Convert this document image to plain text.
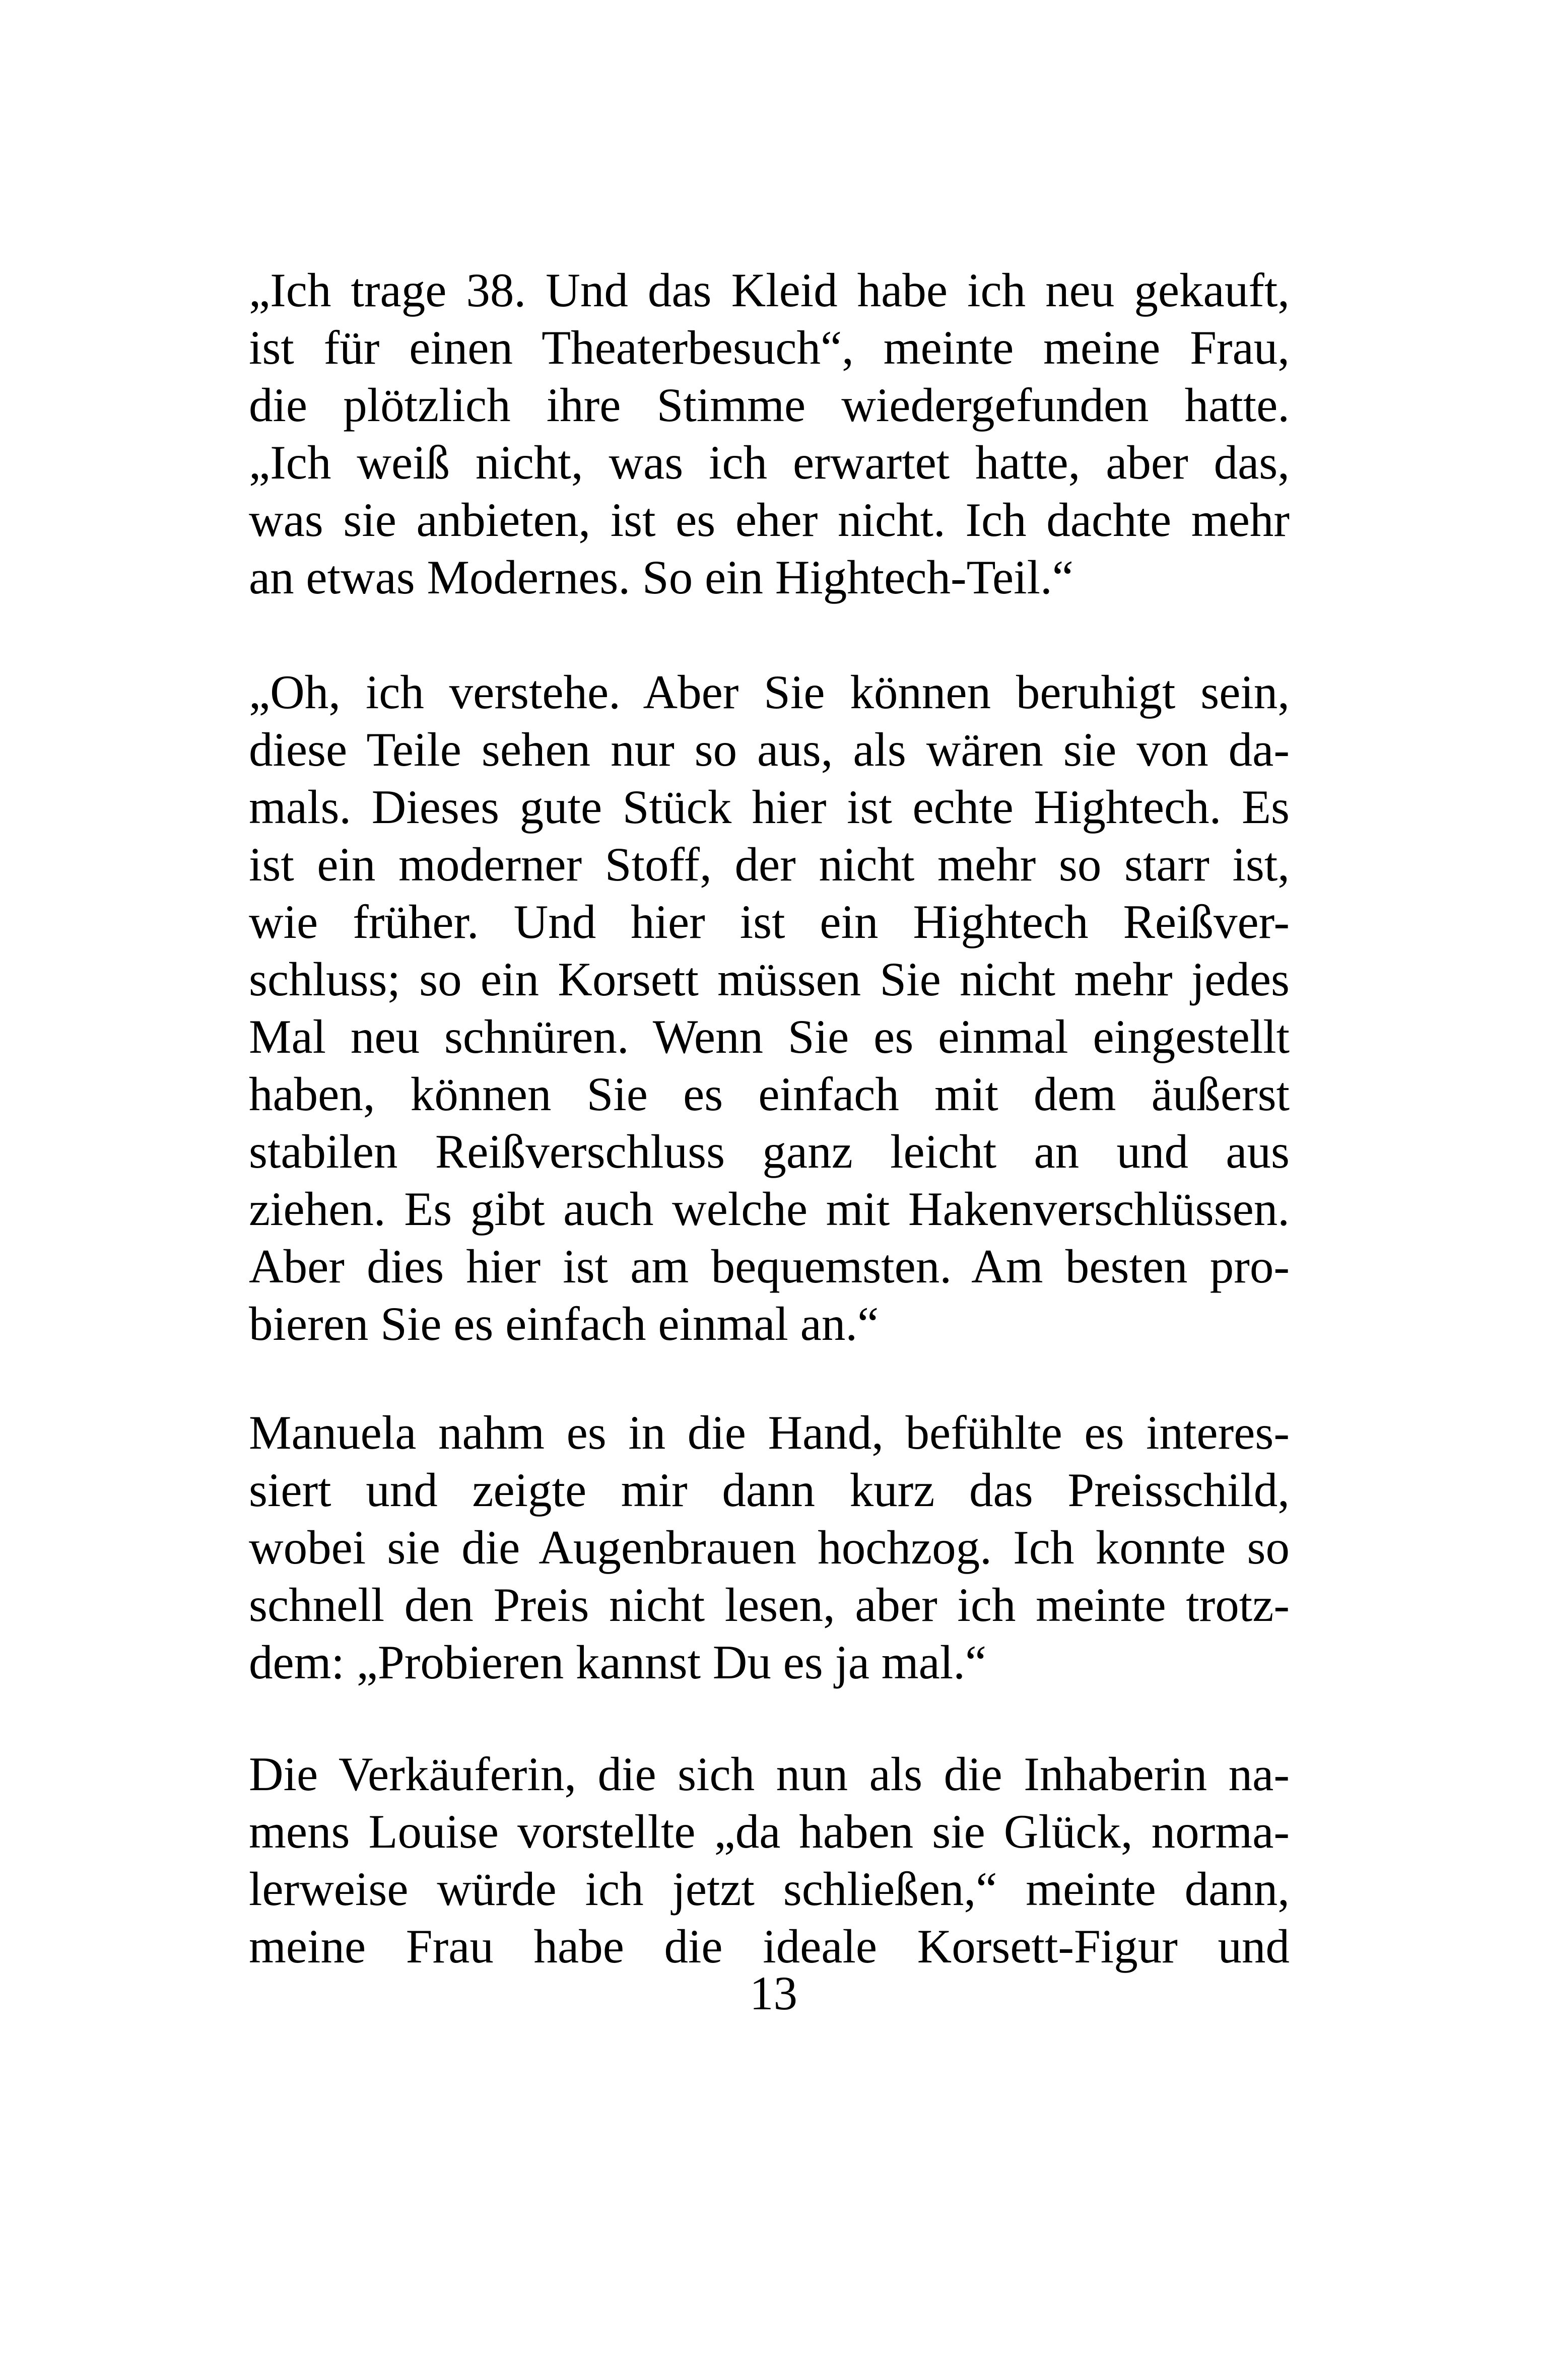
„Ich trage 38. Und das Kleid habe ich neu gekauft,
ist für einen Theaterbesuch“, meinte meine Frau,
die plötzlich ihre Stimme wiedergefunden hatte.
„Ich weiß nicht, was ich erwartet hatte, aber das,
was sie anbieten, ist es eher nicht. Ich dachte mehr
an etwas Modernes. So ein Hightech-Teil.“
„Oh, ich verstehe. Aber Sie können beruhigt sein,
diese Teile sehen nur so aus, als wären sie von da-
mals. Dieses gute Stück hier ist echte Hightech. Es
ist ein moderner Stoff, der nicht mehr so starr ist,
wie früher. Und hier ist ein Hightech Reißver-
schluss; so ein Korsett müssen Sie nicht mehr jedes
Mal neu schnüren. Wenn Sie es einmal eingestellt
haben, können Sie es einfach mit dem äußerst
stabilen Reißverschluss ganz leicht an und aus
ziehen. Es gibt auch welche mit Hakenverschlüssen.
Aber dies hier ist am bequemsten. Am besten pro-
bieren Sie es einfach einmal an.“
Manuela nahm es in die Hand, befühlte es interes-
siert und zeigte mir dann kurz das Preisschild,
wobei sie die Augenbrauen hochzog. Ich konnte so
schnell den Preis nicht lesen, aber ich meinte trotz-
dem: „Probieren kannst Du es ja mal.“
Die Verkäuferin, die sich nun als die Inhaberin na-
mens Louise vorstellte „da haben sie Glück, norma-
lerweise würde ich jetzt schließen,“ meinte dann,
meine Frau habe die ideale Korsett-Figur und
13
